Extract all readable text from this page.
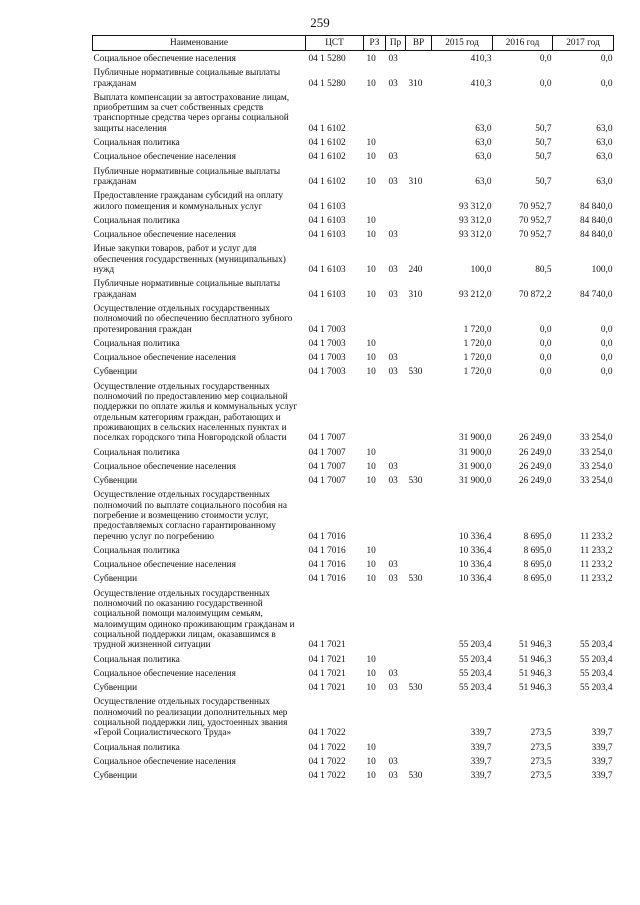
259
Наименование	ЦСТ	РЗ	Пр	ВР	2015 год	2016 год	2017 год
Социальное обеспечение населения	04 1 5280	10	03		410,3	0,0	0,0
Публичные нормативные социальные выплаты гражданам	04 1 5280	10	03	310	410,3	0,0	0,0
Выплата компенсации за автострахование лицам, приобретшим за счет собственных средств транспортные средства через органы социальной защиты населения	04 1 6102				63,0	50,7	63,0
Социальная политика	04 1 6102	10			63,0	50,7	63,0
Социальное обеспечение населения	04 1 6102	10	03		63,0	50,7	63,0
Публичные нормативные социальные выплаты гражданам	04 1 6102	10	03	310	63,0	50,7	63,0
Предоставление гражданам субсидий на оплату жилого помещения и коммунальных услуг	04 1 6103				93 312,0	70 952,7	84 840,0
Социальная политика	04 1 6103	10			93 312,0	70 952,7	84 840,0
Социальное обеспечение населения	04 1 6103	10	03		93 312,0	70 952,7	84 840,0
Иные закупки товаров, работ и услуг для обеспечения государственных (муниципальных) нужд	04 1 6103	10	03	240	100,0	80,5	100,0
Публичные нормативные социальные выплаты гражданам	04 1 6103	10	03	310	93 212,0	70 872,2	84 740,0
Осуществление отдельных государственных полномочий по обеспечению бесплатного зубного протезирования граждан	04 1 7003				1 720,0	0,0	0,0
Социальная политика	04 1 7003	10			1 720,0	0,0	0,0
Социальное обеспечение населения	04 1 7003	10	03		1 720,0	0,0	0,0
Субвенции	04 1 7003	10	03	530	1 720,0	0,0	0,0
Осуществление отдельных государственных полномочий по предоставлению мер социальной поддержки по оплате жилья и коммунальных услуг отдельным категориям граждан, работающих и проживающих в сельских населенных пунктах и поселках городского типа Новгородской области	04 1 7007				31 900,0	26 249,0	33 254,0
Социальная политика	04 1 7007	10			31 900,0	26 249,0	33 254,0
Социальное обеспечение населения	04 1 7007	10	03		31 900,0	26 249,0	33 254,0
Субвенции	04 1 7007	10	03	530	31 900,0	26 249,0	33 254,0
Осуществление отдельных государственных полномочий по выплате социального пособия на погребение и возмещению стоимости услуг, предоставляемых согласно гарантированному перечню услуг по погребению	04 1 7016				10 336,4	8 695,0	11 233,2
Социальная политика	04 1 7016	10			10 336,4	8 695,0	11 233,2
Социальное обеспечение населения	04 1 7016	10	03		10 336,4	8 695,0	11 233,2
Субвенции	04 1 7016	10	03	530	10 336,4	8 695,0	11 233,2
Осуществление отдельных государственных полномочий по оказанию государственной социальной помощи малоимущим семьям, малоимущим одиноко проживающим гражданам и социальной поддержки лицам, оказавшимся в трудной жизненной ситуации	04 1 7021				55 203,4	51 946,3	55 203,4
Социальная политика	04 1 7021	10			55 203,4	51 946,3	55 203,4
Социальное обеспечение населения	04 1 7021	10	03		55 203,4	51 946,3	55 203,4
Субвенции	04 1 7021	10	03	530	55 203,4	51 946,3	55 203,4
Осуществление отдельных государственных полномочий по реализации дополнительных мер социальной поддержки лиц, удостоенных звания «Герой Социалистического Труда»	04 1 7022				339,7	273,5	339,7
Социальная политика	04 1 7022	10			339,7	273,5	339,7
Социальное обеспечение населения	04 1 7022	10	03		339,7	273,5	339,7
Субвенции	04 1 7022	10	03	530	339,7	273,5	339,7
